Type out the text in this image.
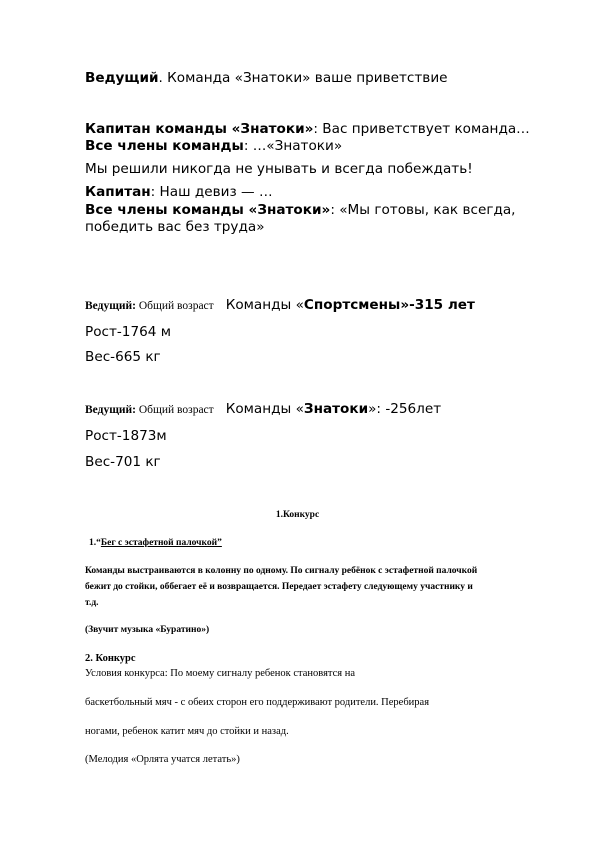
Ведущий. Команда «Знатоки» ваше приветствие
Капитан команды «Знатоки»: Вас приветствует команда…
Все члены команды: …«Знатоки»
Мы решили никогда не унывать и всегда побеждать!
Капитан: Наш девиз — …
Все члены команды «Знатоки»: «Мы готовы, как всегда,
победить вас без труда»
Ведущий: Общий возраст Команды «Спортсмены»-315 лет
Рост-1764 м
Вес-665 кг
Ведущий: Общий возраст Команды «Знатоки»: -256лет
Рост-1873м
Вес-701 кг
1.Конкурс
1.“Бег с эстафетной палочкой”
Команды выстраиваются в колонну по одному. По сигналу ребёнок с эстафетной палочкой
бежит до стойки, оббегает её и возвращается. Передает эстафету следующему участнику и
т.д.
(Звучит музыка «Буратино»)
2. Конкурс
Условия конкурса: По моему сигналу ребенок становятся на
баскетбольный мяч - с обеих сторон его поддерживают родители. Перебирая
ногами, ребенок катит мяч до стойки и назад.
(Мелодия «Орлята учатся летать»)
